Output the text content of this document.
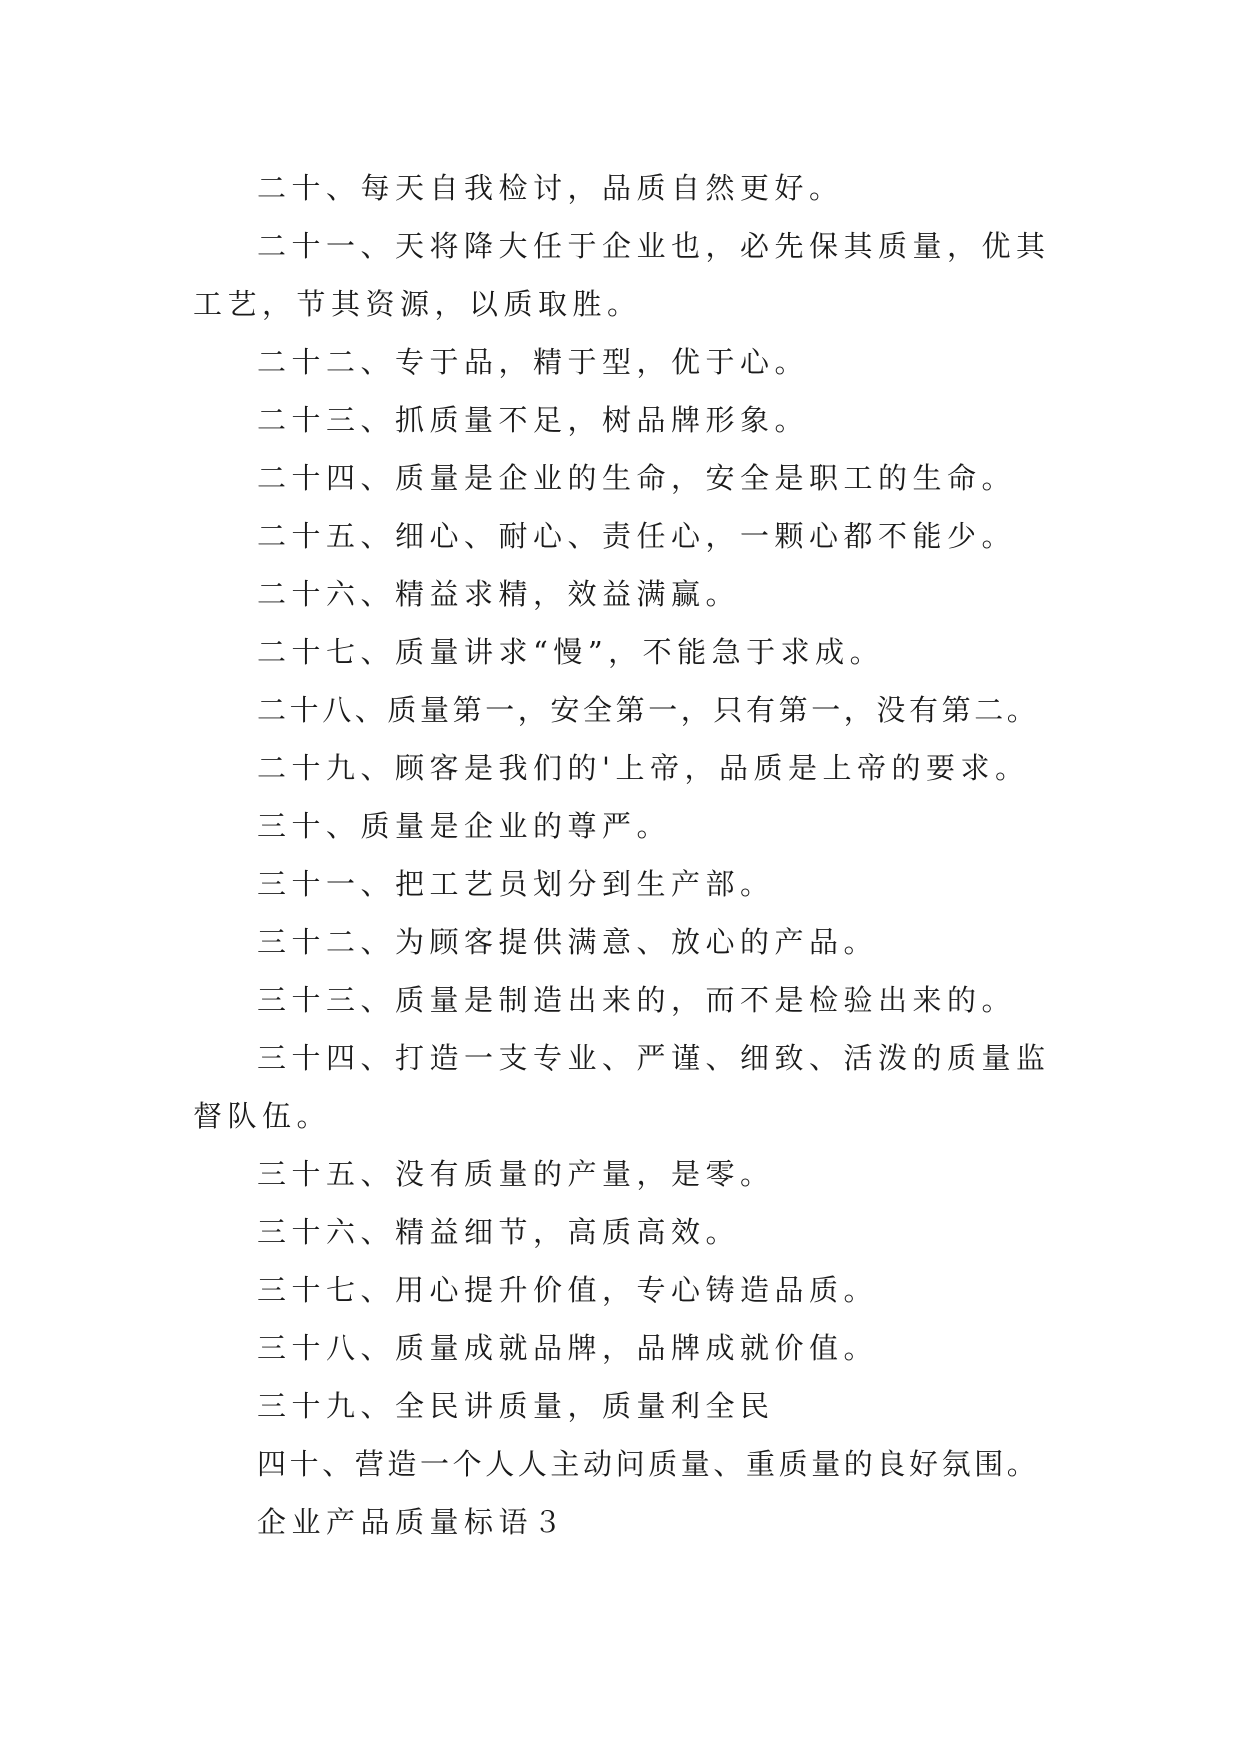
二十、每天自我检讨，品质自然更好。

二十一、天将降大任于企业也，必先保其质量，优其工艺，节其资源，以质取胜。

二十二、专于品，精于型，优于心。

二十三、抓质量不足，树品牌形象。

二十四、质量是企业的生命，安全是职工的生命。

二十五、细心、耐心、责任心，一颗心都不能少。

二十六、精益求精，效益满赢。

二十七、质量讲求“慢”，不能急于求成。

二十八、质量第一，安全第一，只有第一，没有第二。

二十九、顾客是我们的'上帝，品质是上帝的要求。

三十、质量是企业的尊严。

三十一、把工艺员划分到生产部。

三十二、为顾客提供满意、放心的产品。

三十三、质量是制造出来的，而不是检验出来的。

三十四、打造一支专业、严谨、细致、活泼的质量监督队伍。

三十五、没有质量的产量，是零。

三十六、精益细节，高质高效。

三十七、用心提升价值，专心铸造品质。

三十八、质量成就品牌，品牌成就价值。

三十九、全民讲质量，质量利全民

四十、营造一个人人主动问质量、重质量的良好氛围。

企业产品质量标语３
